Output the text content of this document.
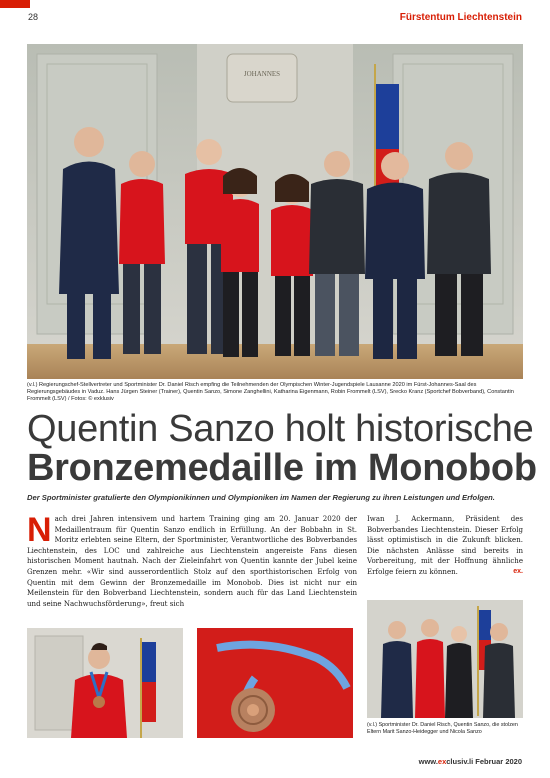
28	Fürstentum Liechtenstein
JOHANNES
(v.l.) Regierungschef-Stellvertreter und Sportminister Dr. Daniel Risch empfing die Teilnehmenden der Olympischen Winter-Jugendspiele Lausanne 2020 im Fürst-Johannes-Saal des Regierungsgebäudes in Vaduz. Hans Jürgen Steiner (Trainer), Quentin Sanzo, Simone Zanghellini, Katharina Eigenmann, Robin Frommelt (LSV), Srecko Kranz (Sportchef Bobverband), Constantin Frommelt (LSV) / Fotos: © exklusiv
Quentin Sanzo holt historische
Bronzemedaille im Monobob
Der Sportminister gratulierte den Olympionikinnen und Olympioniken im Namen der Regierung zu ihren Leistungen und Erfolgen.
Nach drei Jahren intensivem und hartem Training ging am 20. Januar 2020 der Medaillentraum für Quentin Sanzo endlich in Erfüllung. An der Bobbahn in St. Moritz erlebten seine Eltern, der Sportminister, Verantwortliche des Bobverbandes Liechtenstein, des LOC und zahlreiche aus Liechtenstein angereiste Fans diesen historischen Moment hautnah. Nach der Zieleinfahrt von Quentin kannte der Jubel keine Grenzen mehr. «Wir sind ausserordentlich Stolz auf den sporthistorischen Erfolg von Quentin mit dem Gewinn der Bronzemedaille im Monobob. Dies ist nicht nur ein Meilenstein für den Bobverband Liechtenstein, sondern auch für das Land Liechtenstein und seine Nachwuchsförderung», freut sich
Iwan J. Ackermann, Präsident des Bobverbandes Liechtenstein. Dieser Erfolg lässt optimistisch in die Zukunft blicken. Die nächsten Anlässe sind bereits in Vorbereitung, mit der Hoffnung ähnliche Erfolge feiern zu können.	ex.
(v.l.) Sportminister Dr. Daniel Risch, Quentin Sanzo, die stolzen Eltern Marit Sanzo-Heidegger und Nicola Sanzo
www.exclusiv.li Februar 2020
